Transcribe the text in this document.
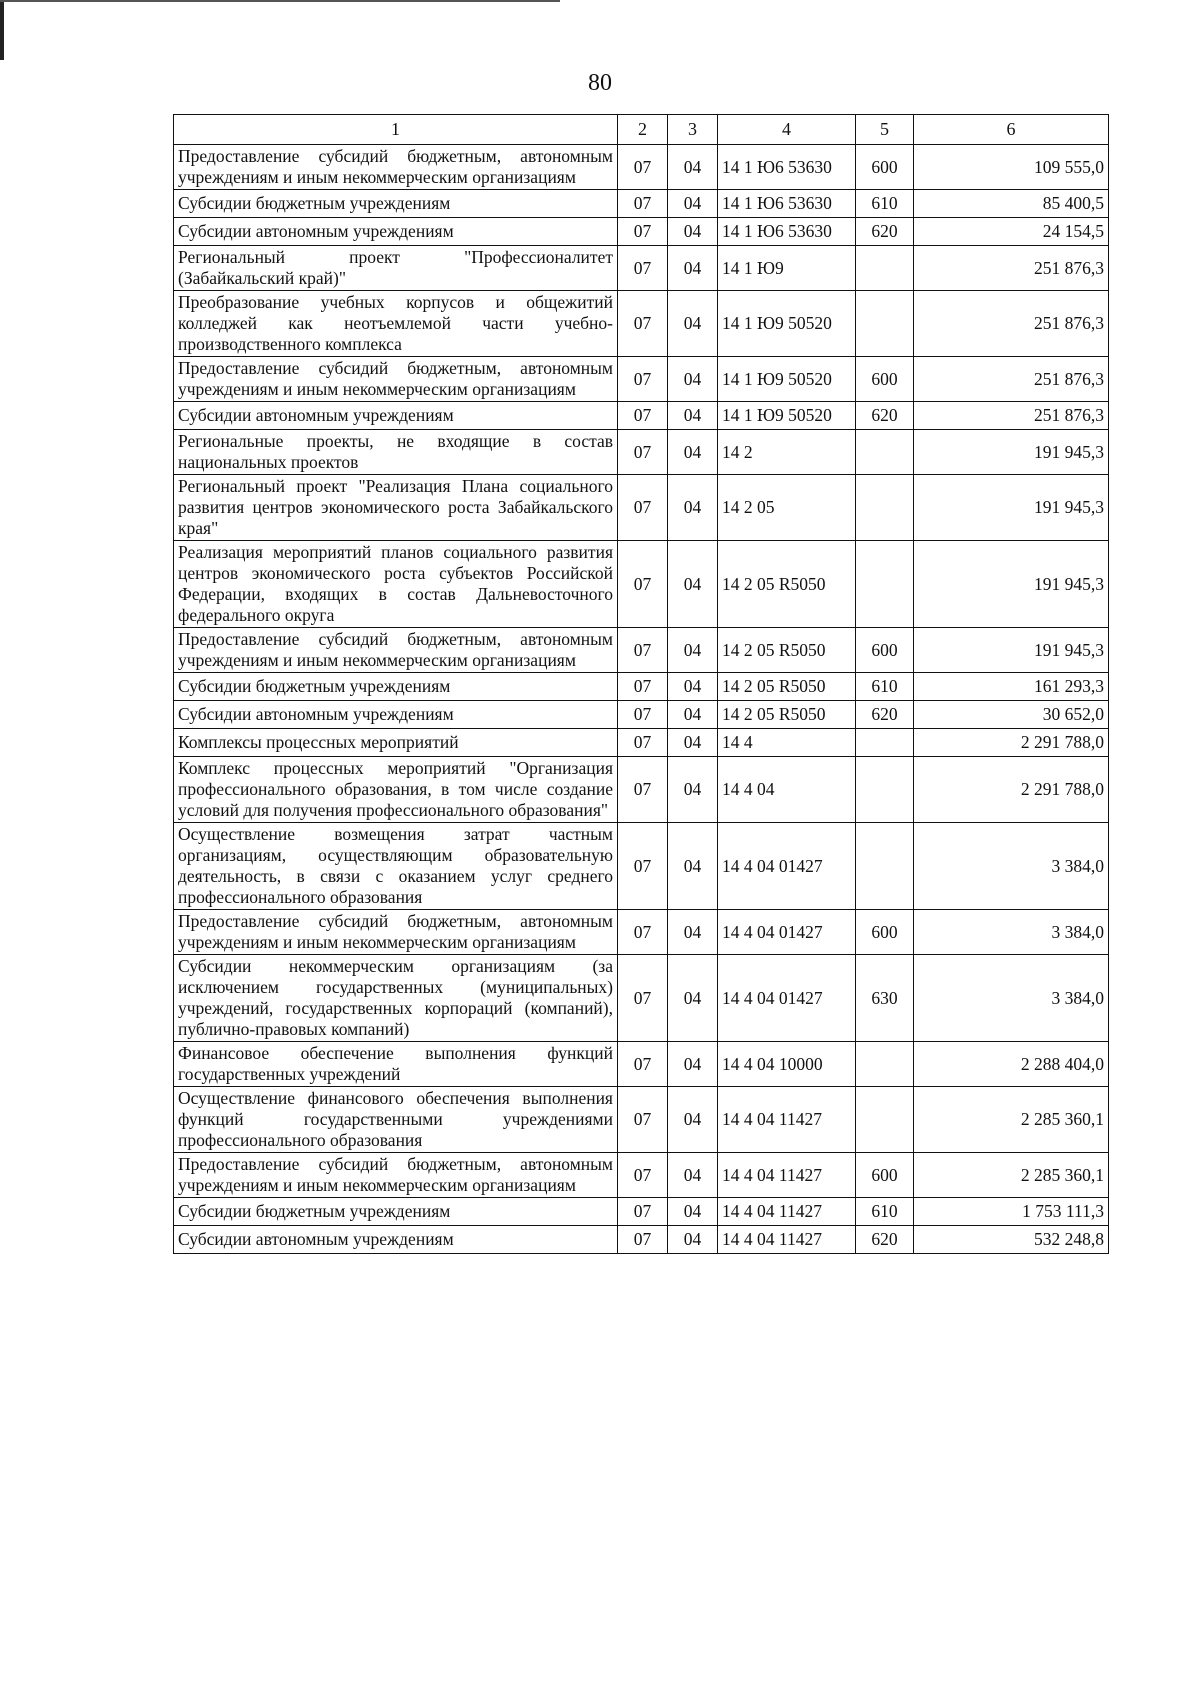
80
1	2	3	4	5	6
Предоставление субсидий бюджетным, автономным учреждениям и иным некоммерческим организациям	07	04	14 1 Ю6 53630	600	109 555,0
Субсидии бюджетным учреждениям	07	04	14 1 Ю6 53630	610	85 400,5
Субсидии автономным учреждениям	07	04	14 1 Ю6 53630	620	24 154,5
Региональный проект "Профессионалитет (Забайкальский край)"	07	04	14 1 Ю9		251 876,3
Преобразование учебных корпусов и общежитий колледжей как неотъемлемой части учебно-производственного комплекса	07	04	14 1 Ю9 50520		251 876,3
Предоставление субсидий бюджетным, автономным учреждениям и иным некоммерческим организациям	07	04	14 1 Ю9 50520	600	251 876,3
Субсидии автономным учреждениям	07	04	14 1 Ю9 50520	620	251 876,3
Региональные проекты, не входящие в состав национальных проектов	07	04	14 2		191 945,3
Региональный проект "Реализация Плана социального развития центров экономического роста Забайкальского края"	07	04	14 2 05		191 945,3
Реализация мероприятий планов социального развития центров экономического роста субъектов Российской Федерации, входящих в состав Дальневосточного федерального округа	07	04	14 2 05 R5050		191 945,3
Предоставление субсидий бюджетным, автономным учреждениям и иным некоммерческим организациям	07	04	14 2 05 R5050	600	191 945,3
Субсидии бюджетным учреждениям	07	04	14 2 05 R5050	610	161 293,3
Субсидии автономным учреждениям	07	04	14 2 05 R5050	620	30 652,0
Комплексы процессных мероприятий	07	04	14 4		2 291 788,0
Комплекс процессных мероприятий "Организация профессионального образования, в том числе создание условий для получения профессионального образования"	07	04	14 4 04		2 291 788,0
Осуществление возмещения затрат частным организациям, осуществляющим образовательную деятельность, в связи с оказанием услуг среднего профессионального образования	07	04	14 4 04 01427		3 384,0
Предоставление субсидий бюджетным, автономным учреждениям и иным некоммерческим организациям	07	04	14 4 04 01427	600	3 384,0
Субсидии некоммерческим организациям (за исключением государственных (муниципальных) учреждений, государственных корпораций (компаний), публично-правовых компаний)	07	04	14 4 04 01427	630	3 384,0
Финансовое обеспечение выполнения функций государственных учреждений	07	04	14 4 04 10000		2 288 404,0
Осуществление финансового обеспечения выполнения функций государственными учреждениями профессионального образования	07	04	14 4 04 11427		2 285 360,1
Предоставление субсидий бюджетным, автономным учреждениям и иным некоммерческим организациям	07	04	14 4 04 11427	600	2 285 360,1
Субсидии бюджетным учреждениям	07	04	14 4 04 11427	610	1 753 111,3
Субсидии автономным учреждениям	07	04	14 4 04 11427	620	532 248,8
